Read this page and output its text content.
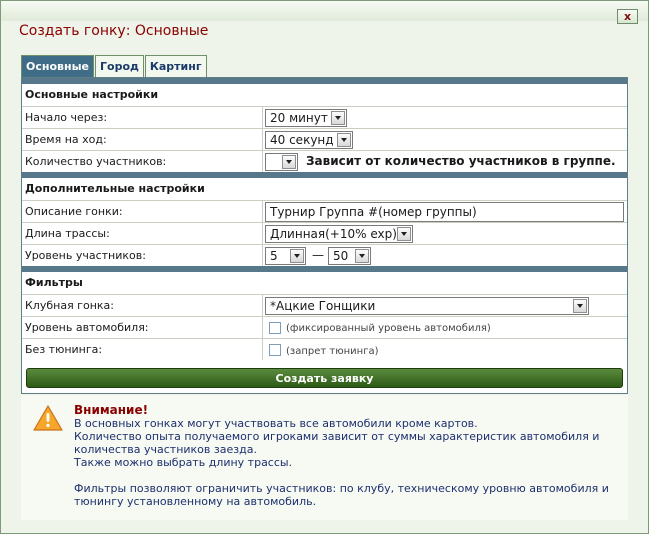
x
Создать гонку: Основные
Основные	Город	Картинг
Основные настройки
Начало через:	20 минут
Время на ход:	40 секунд
Количество участников:	Зависит от количество участников в группе.
Дополнительные настройки
Описание гонки:	Турнир Группа #(номер группы)
Длина трассы:	Длинная(+10% exp)
Уровень участников:	5	— 50
Фильтры
Клубная гонка:	*Ацкие Гонщики
Уровень автомобиля:	(фиксированный уровень автомобиля)
Без тюнинга:	(запрет тюнинга)
Создать заявку
Внимание!
В основных гонках могут участвовать все автомобили кроме картов.
Количество опыта получаемого игроками зависит от суммы характеристик автомобиля и количества участников заезда.
Также можно выбрать длину трассы.
Фильтры позволяют ограничить участников: по клубу, техническому уровню автомобиля и тюнингу установленному на автомобиль.
